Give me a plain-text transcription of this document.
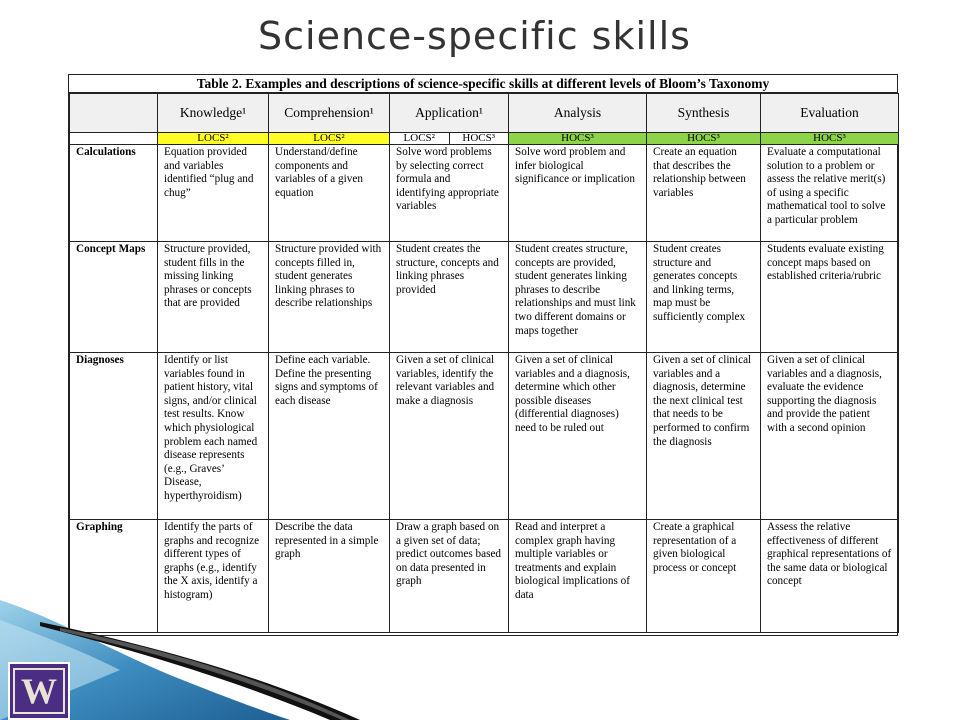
Science-specific skills
Table 2. Examples and descriptions of science-specific skills at different levels of Bloom’s Taxonomy
	Knowledge¹	Comprehension¹	Application¹	Analysis	Synthesis	Evaluation
	LOCS²	LOCS²	LOCS² HOCS³	HOCS³	HOCS³	HOCS³
Calculations	Equation provided and variables identified “plug and chug”	Understand/define components and variables of a given equation	Solve word problems by selecting correct formula and identifying appropriate variables	Solve word problem and infer biological significance or implication	Create an equation that describes the relationship between variables	Evaluate a computational solution to a problem or assess the relative merit(s) of using a specific mathematical tool to solve a particular problem
Concept Maps	Structure provided, student fills in the missing linking phrases or concepts that are provided	Structure provided with concepts filled in, student generates linking phrases to describe relationships	Student creates the structure, concepts and linking phrases provided	Student creates structure, concepts are provided, student generates linking phrases to describe relationships and must link two different domains or maps together	Student creates structure and generates concepts and linking terms, map must be sufficiently complex	Students evaluate existing concept maps based on established criteria/rubric
Diagnoses	Identify or list variables found in patient history, vital signs, and/or clinical test results. Know which physiological problem each named disease represents (e.g., Graves’ Disease, hyperthyroidism)	Define each variable. Define the presenting signs and symptoms of each disease	Given a set of clinical variables, identify the relevant variables and make a diagnosis	Given a set of clinical variables and a diagnosis, determine which other possible diseases (differential diagnoses) need to be ruled out	Given a set of clinical variables and a diagnosis, determine the next clinical test that needs to be performed to confirm the diagnosis	Given a set of clinical variables and a diagnosis, evaluate the evidence supporting the diagnosis and provide the patient with a second opinion
Graphing	Identify the parts of graphs and recognize different types of graphs (e.g., identify the X axis, identify a histogram)	Describe the data represented in a simple graph	Draw a graph based on a given set of data; predict outcomes based on data presented in graph	Read and interpret a complex graph having multiple variables or treatments and explain biological implications of data	Create a graphical representation of a given biological process or concept	Assess the relative effectiveness of different graphical representations of the same data or biological concept
W
